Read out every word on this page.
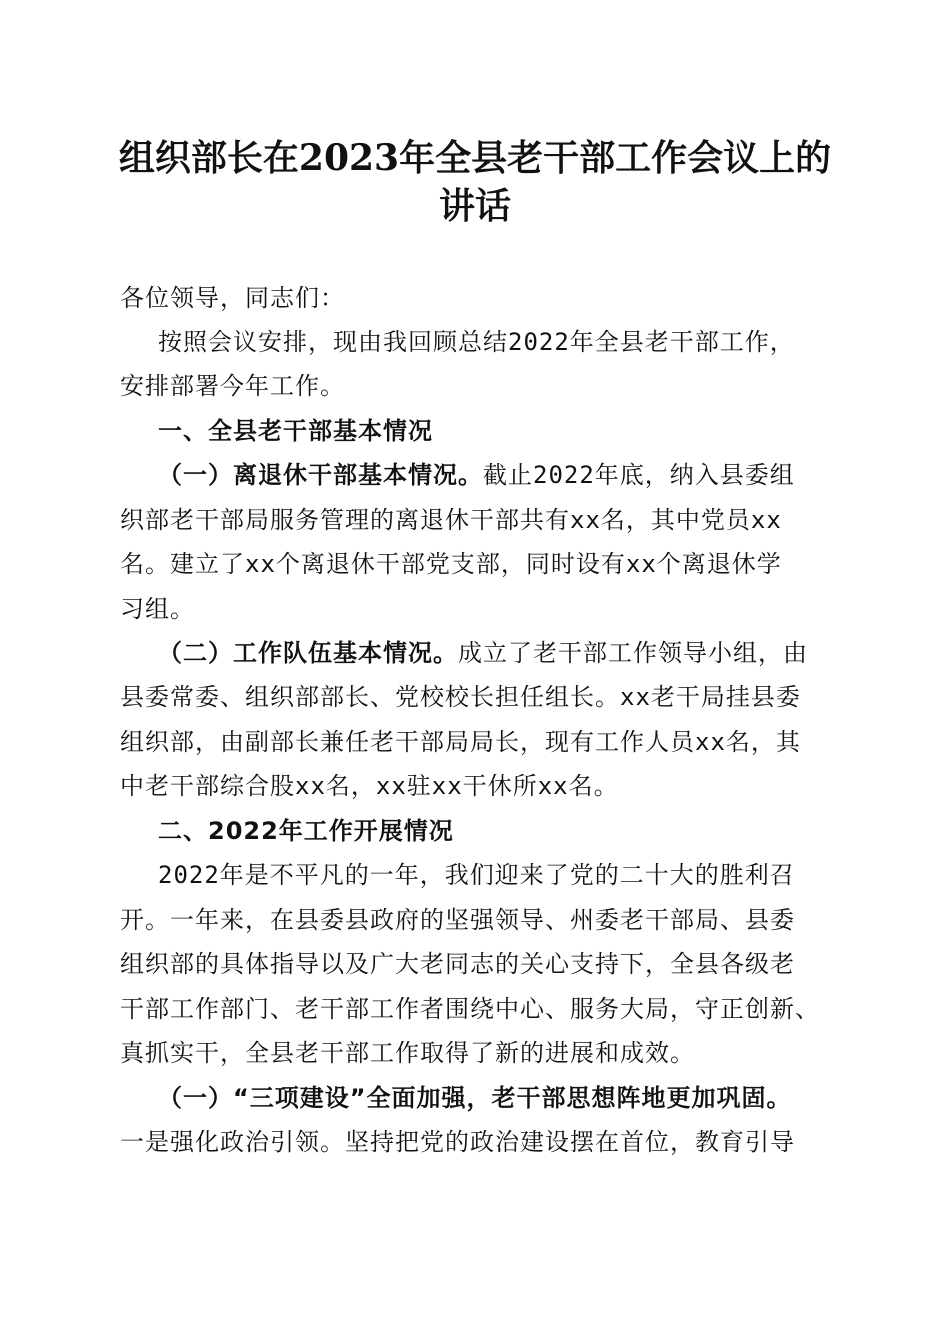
组织部长在2023年全县老干部工作会议上的
讲话
各位领导，同志们：
按照会议安排，现由我回顾总结2022年全县老干部工作，
安排部署今年工作。
一、全县老干部基本情况
（一）离退休干部基本情况。截止2022年底，纳入县委组
织部老干部局服务管理的离退休干部共有xx名，其中党员xx
名。建立了xx个离退休干部党支部，同时设有xx个离退休学
习组。
（二）工作队伍基本情况。成立了老干部工作领导小组，由
县委常委、组织部部长、党校校长担任组长。xx老干局挂县委
组织部，由副部长兼任老干部局局长，现有工作人员xx名，其
中老干部综合股xx名，xx驻xx干休所xx名。
二、2022年工作开展情况
2022年是不平凡的一年，我们迎来了党的二十大的胜利召
开。一年来，在县委县政府的坚强领导、州委老干部局、县委
组织部的具体指导以及广大老同志的关心支持下，全县各级老
干部工作部门、老干部工作者围绕中心、服务大局，守正创新、
真抓实干，全县老干部工作取得了新的进展和成效。
（一）“三项建设”全面加强，老干部思想阵地更加巩固。
一是强化政治引领。坚持把党的政治建设摆在首位，教育引导
